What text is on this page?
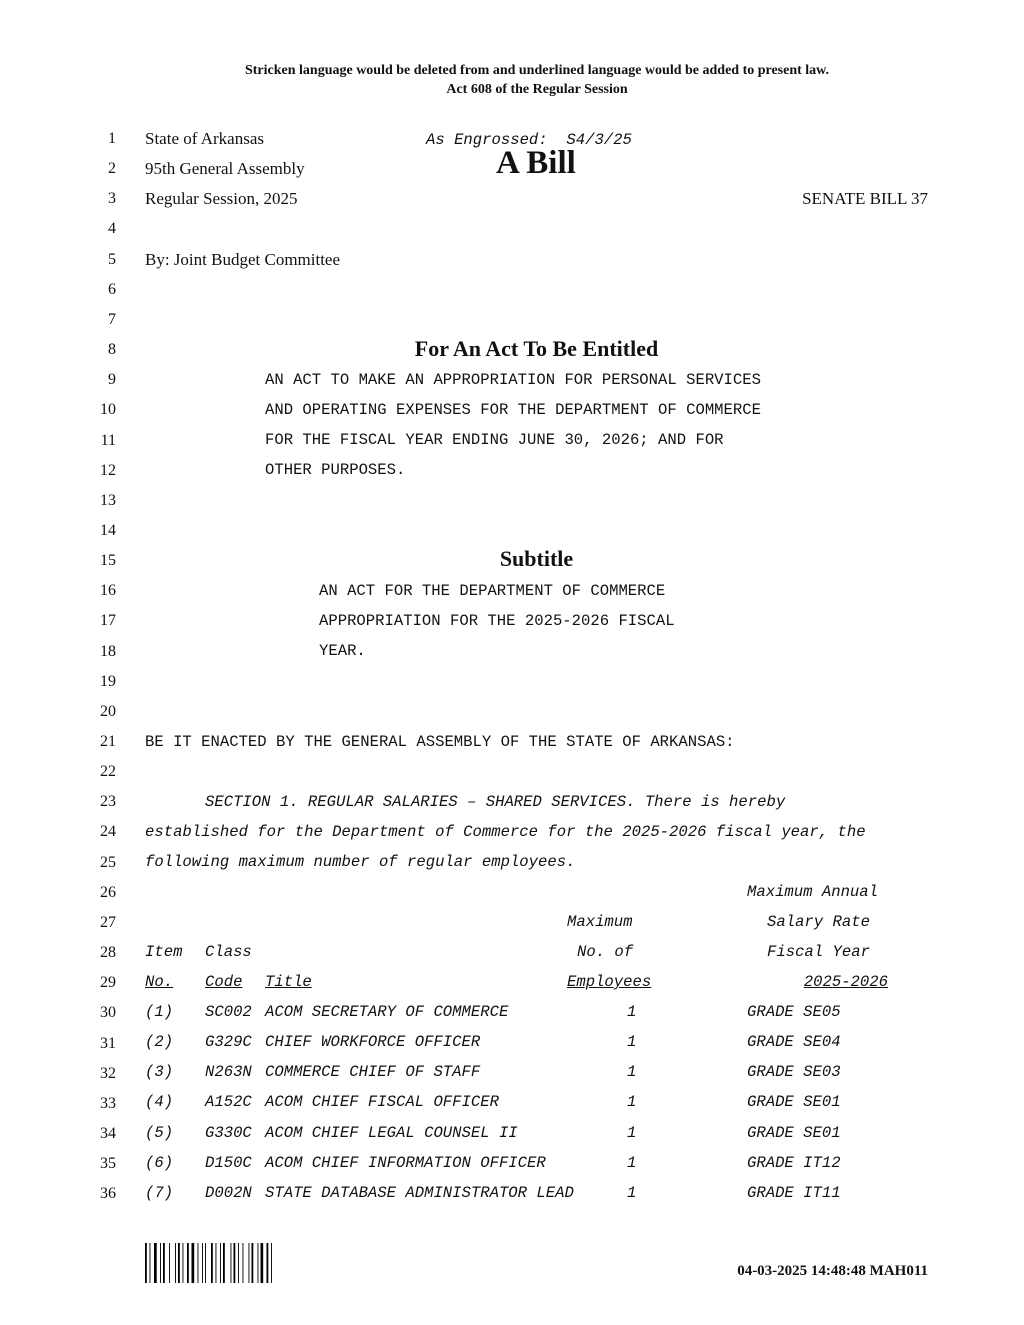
Stricken language would be deleted from and underlined language would be added to present law.
Act 608 of the Regular Session
1
2
3
4
5
6
7
8
9
10
11
12
13
14
15
16
17
18
19
20
21
22
23
24
25
26
27
28
29
30
31
32
33
34
35
36
State of Arkansas	As Engrossed:  S4/3/25
95th General Assembly	A Bill
Regular Session, 2025	SENATE BILL 37
By: Joint Budget Committee
For An Act To Be Entitled
AN ACT TO MAKE AN APPROPRIATION FOR PERSONAL SERVICES
AND OPERATING EXPENSES FOR THE DEPARTMENT OF COMMERCE
FOR THE FISCAL YEAR ENDING JUNE 30, 2026; AND FOR
OTHER PURPOSES.
Subtitle
AN ACT FOR THE DEPARTMENT OF COMMERCE
APPROPRIATION FOR THE 2025-2026 FISCAL
YEAR.
BE IT ENACTED BY THE GENERAL ASSEMBLY OF THE STATE OF ARKANSAS:
SECTION 1. REGULAR SALARIES – SHARED SERVICES. There is hereby
established for the Department of Commerce for the 2025-2026 fiscal year, the
following maximum number of regular employees.
Maximum Annual
Maximum	Salary Rate
Item Class	No. of	Fiscal Year
No.	Code	Title	Employees	2025-2026
(1) SC002 ACOM SECRETARY OF COMMERCE	1	GRADE SE05
(2) G329C CHIEF WORKFORCE OFFICER	1	GRADE SE04
(3) N263N COMMERCE CHIEF OF STAFF	1	GRADE SE03
(4) A152C ACOM CHIEF FISCAL OFFICER	1	GRADE SE01
(5) G330C ACOM CHIEF LEGAL COUNSEL II	1	GRADE SE01
(6) D150C ACOM CHIEF INFORMATION OFFICER	1	GRADE IT12
(7) D002N STATE DATABASE ADMINISTRATOR LEAD	1	GRADE IT11
04-03-2025 14:48:48 MAH011
